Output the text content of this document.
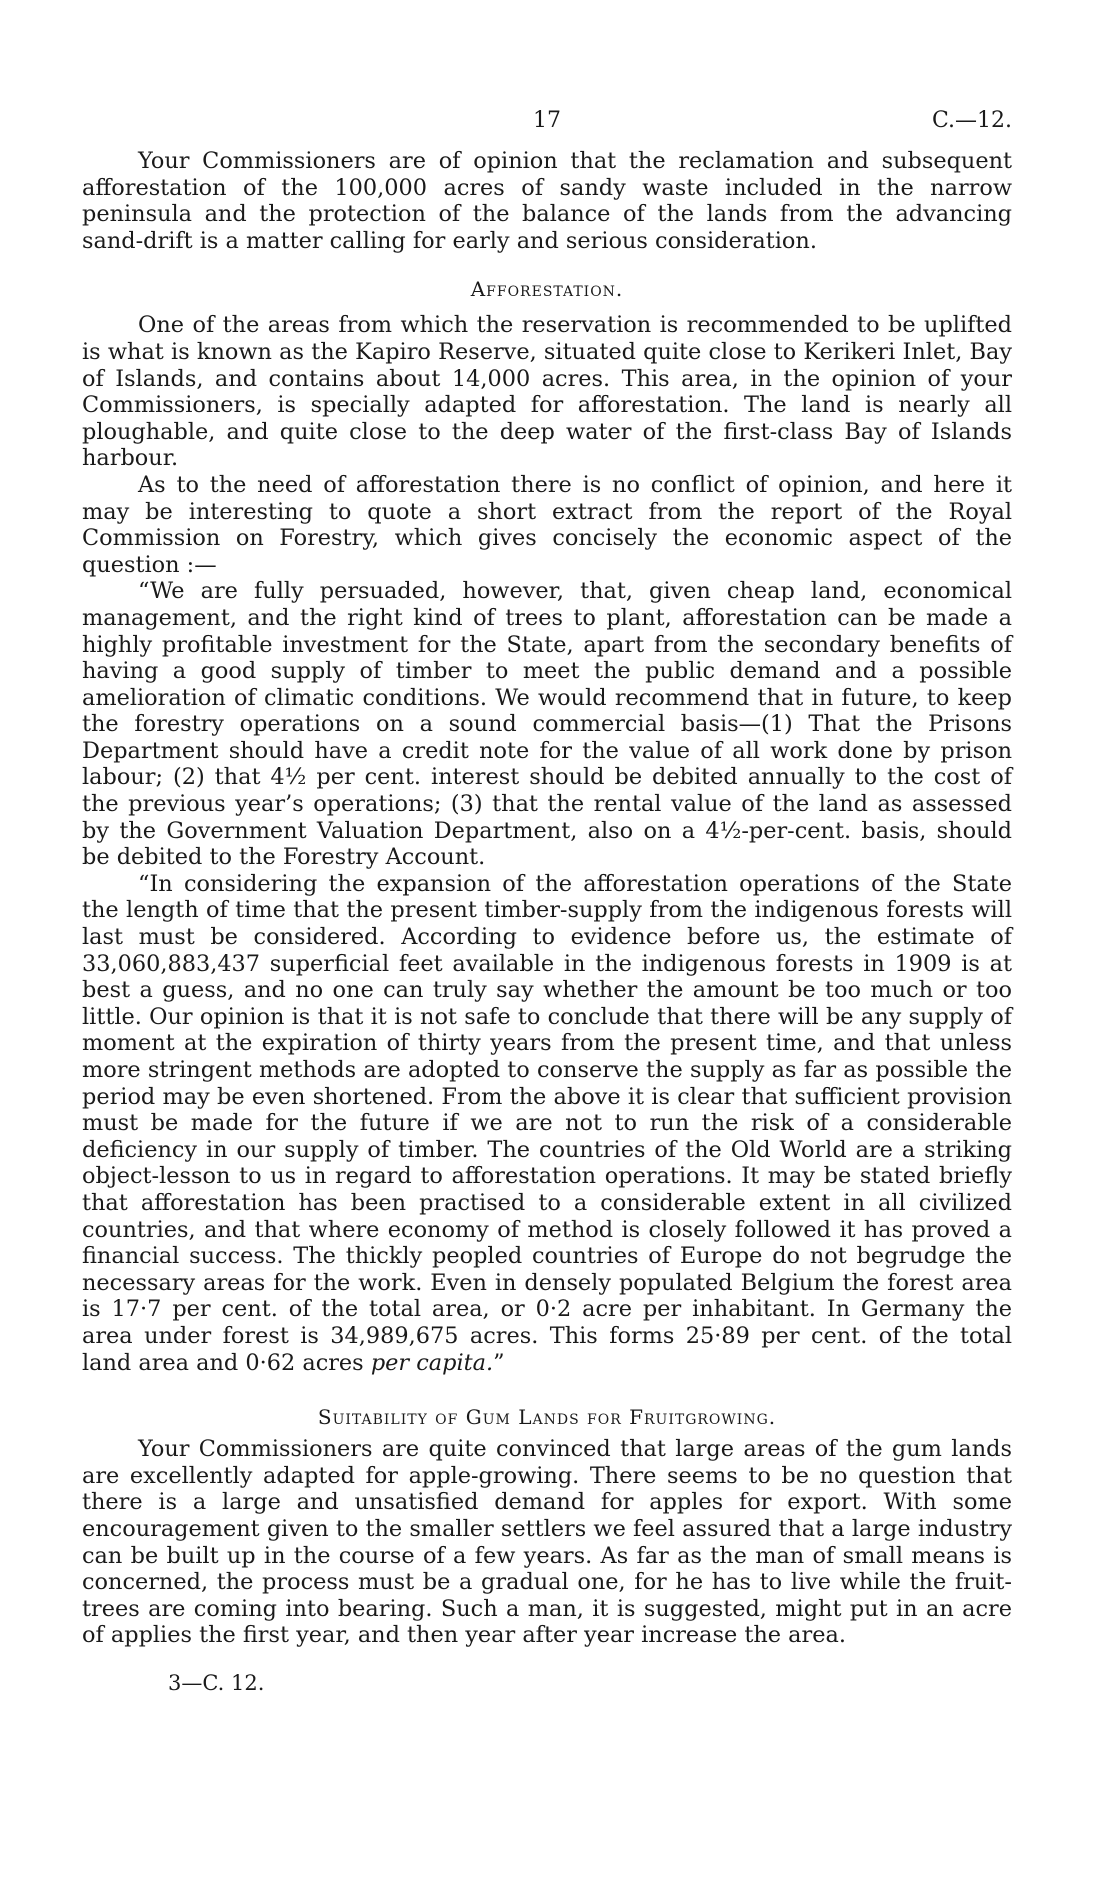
17	C.—12.

Your Commissioners are of opinion that the reclamation and subsequent afforestation of the 100,000 acres of sandy waste included in the narrow peninsula and the protection of the balance of the lands from the advancing sand-drift is a matter calling for early and serious consideration.

Afforestation.

One of the areas from which the reservation is recommended to be uplifted is what is known as the Kapiro Reserve, situated quite close to Kerikeri Inlet, Bay of Islands, and contains about 14,000 acres. This area, in the opinion of your Commissioners, is specially adapted for afforestation. The land is nearly all ploughable, and quite close to the deep water of the first-class Bay of Islands harbour.

As to the need of afforestation there is no conflict of opinion, and here it may be interesting to quote a short extract from the report of the Royal Commission on Forestry, which gives concisely the economic aspect of the question :—

“We are fully persuaded, however, that, given cheap land, economical management, and the right kind of trees to plant, afforestation can be made a highly profitable investment for the State, apart from the secondary benefits of having a good supply of timber to meet the public demand and a possible amelioration of climatic conditions. We would recommend that in future, to keep the forestry operations on a sound commercial basis—(1) That the Prisons Department should have a credit note for the value of all work done by prison labour; (2) that 4½ per cent. interest should be debited annually to the cost of the previous year’s operations; (3) that the rental value of the land as assessed by the Government Valuation Department, also on a 4½-per-cent. basis, should be debited to the Forestry Account.

“In considering the expansion of the afforestation operations of the State the length of time that the present timber-supply from the indigenous forests will last must be considered. According to evidence before us, the estimate of 33,060,883,437 superficial feet available in the indigenous forests in 1909 is at best a guess, and no one can truly say whether the amount be too much or too little. Our opinion is that it is not safe to conclude that there will be any supply of moment at the expiration of thirty years from the present time, and that unless more stringent methods are adopted to conserve the supply as far as possible the period may be even shortened. From the above it is clear that sufficient provision must be made for the future if we are not to run the risk of a considerable deficiency in our supply of timber. The countries of the Old World are a striking object-lesson to us in regard to afforestation operations. It may be stated briefly that afforestation has been practised to a considerable extent in all civilized countries, and that where economy of method is closely followed it has proved a financial success. The thickly peopled countries of Europe do not begrudge the necessary areas for the work. Even in densely populated Belgium the forest area is 17·7 per cent. of the total area, or 0·2 acre per inhabitant. In Germany the area under forest is 34,989,675 acres. This forms 25·89 per cent. of the total land area and 0·62 acres per capita.”

Suitability of Gum Lands for Fruitgrowing.

Your Commissioners are quite convinced that large areas of the gum lands are excellently adapted for apple-growing. There seems to be no question that there is a large and unsatisfied demand for apples for export. With some encouragement given to the smaller settlers we feel assured that a large industry can be built up in the course of a few years. As far as the man of small means is concerned, the process must be a gradual one, for he has to live while the fruit-trees are coming into bearing. Such a man, it is suggested, might put in an acre of applies the first year, and then year after year increase the area.

3—C. 12.
